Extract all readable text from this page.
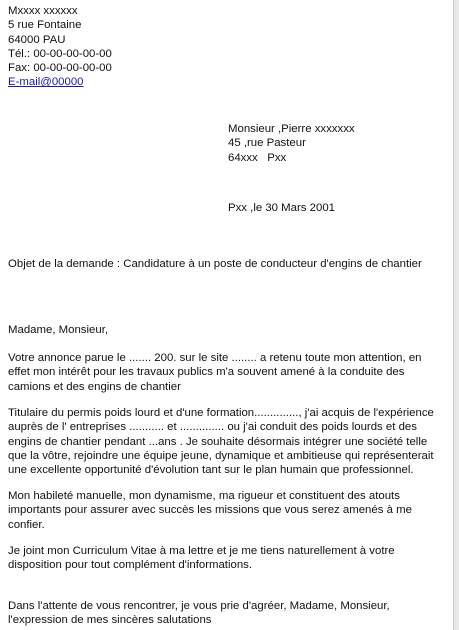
Mxxxx xxxxxx
5 rue Fontaine
64000 PAU
Tél.: 00-00-00-00-00
Fax: 00-00-00-00-00
E-mail@00000
Monsieur ,Pierre xxxxxxx
45 ,rue Pasteur
64xxx   Pxx
Pxx ,le 30 Mars 2001
Objet de la demande : Candidature à un poste de conducteur d'engins de chantier
Madame, Monsieur,
Votre annonce parue le ....... 200. sur le site ........ a retenu toute mon attention, en
effet mon intérêt pour les travaux publics m'a souvent amené à la conduite des
camions et des engins de chantier
Titulaire du permis poids lourd et d'une formation.............., j'ai acquis de l'expérience
auprès de l' entreprises ........... et .............. ou j'ai conduit des poids lourds et des
engins de chantier pendant ...ans . Je souhaite désormais intégrer une société telle
que la vôtre, rejoindre une équipe jeune, dynamique et ambitieuse qui représenterait
une excellente opportunité d'évolution tant sur le plan humain que professionnel.
Mon habileté manuelle, mon dynamisme, ma rigueur et constituent des atouts
importants pour assurer avec succès les missions que vous serez amenés à me
confier.
Je joint mon Curriculum Vitae à ma lettre et je me tiens naturellement à votre
disposition pour tout complément d'informations.
Dans l'attente de vous rencontrer, je vous prie d'agréer, Madame, Monsieur,
l'expression de mes sincères salutations
